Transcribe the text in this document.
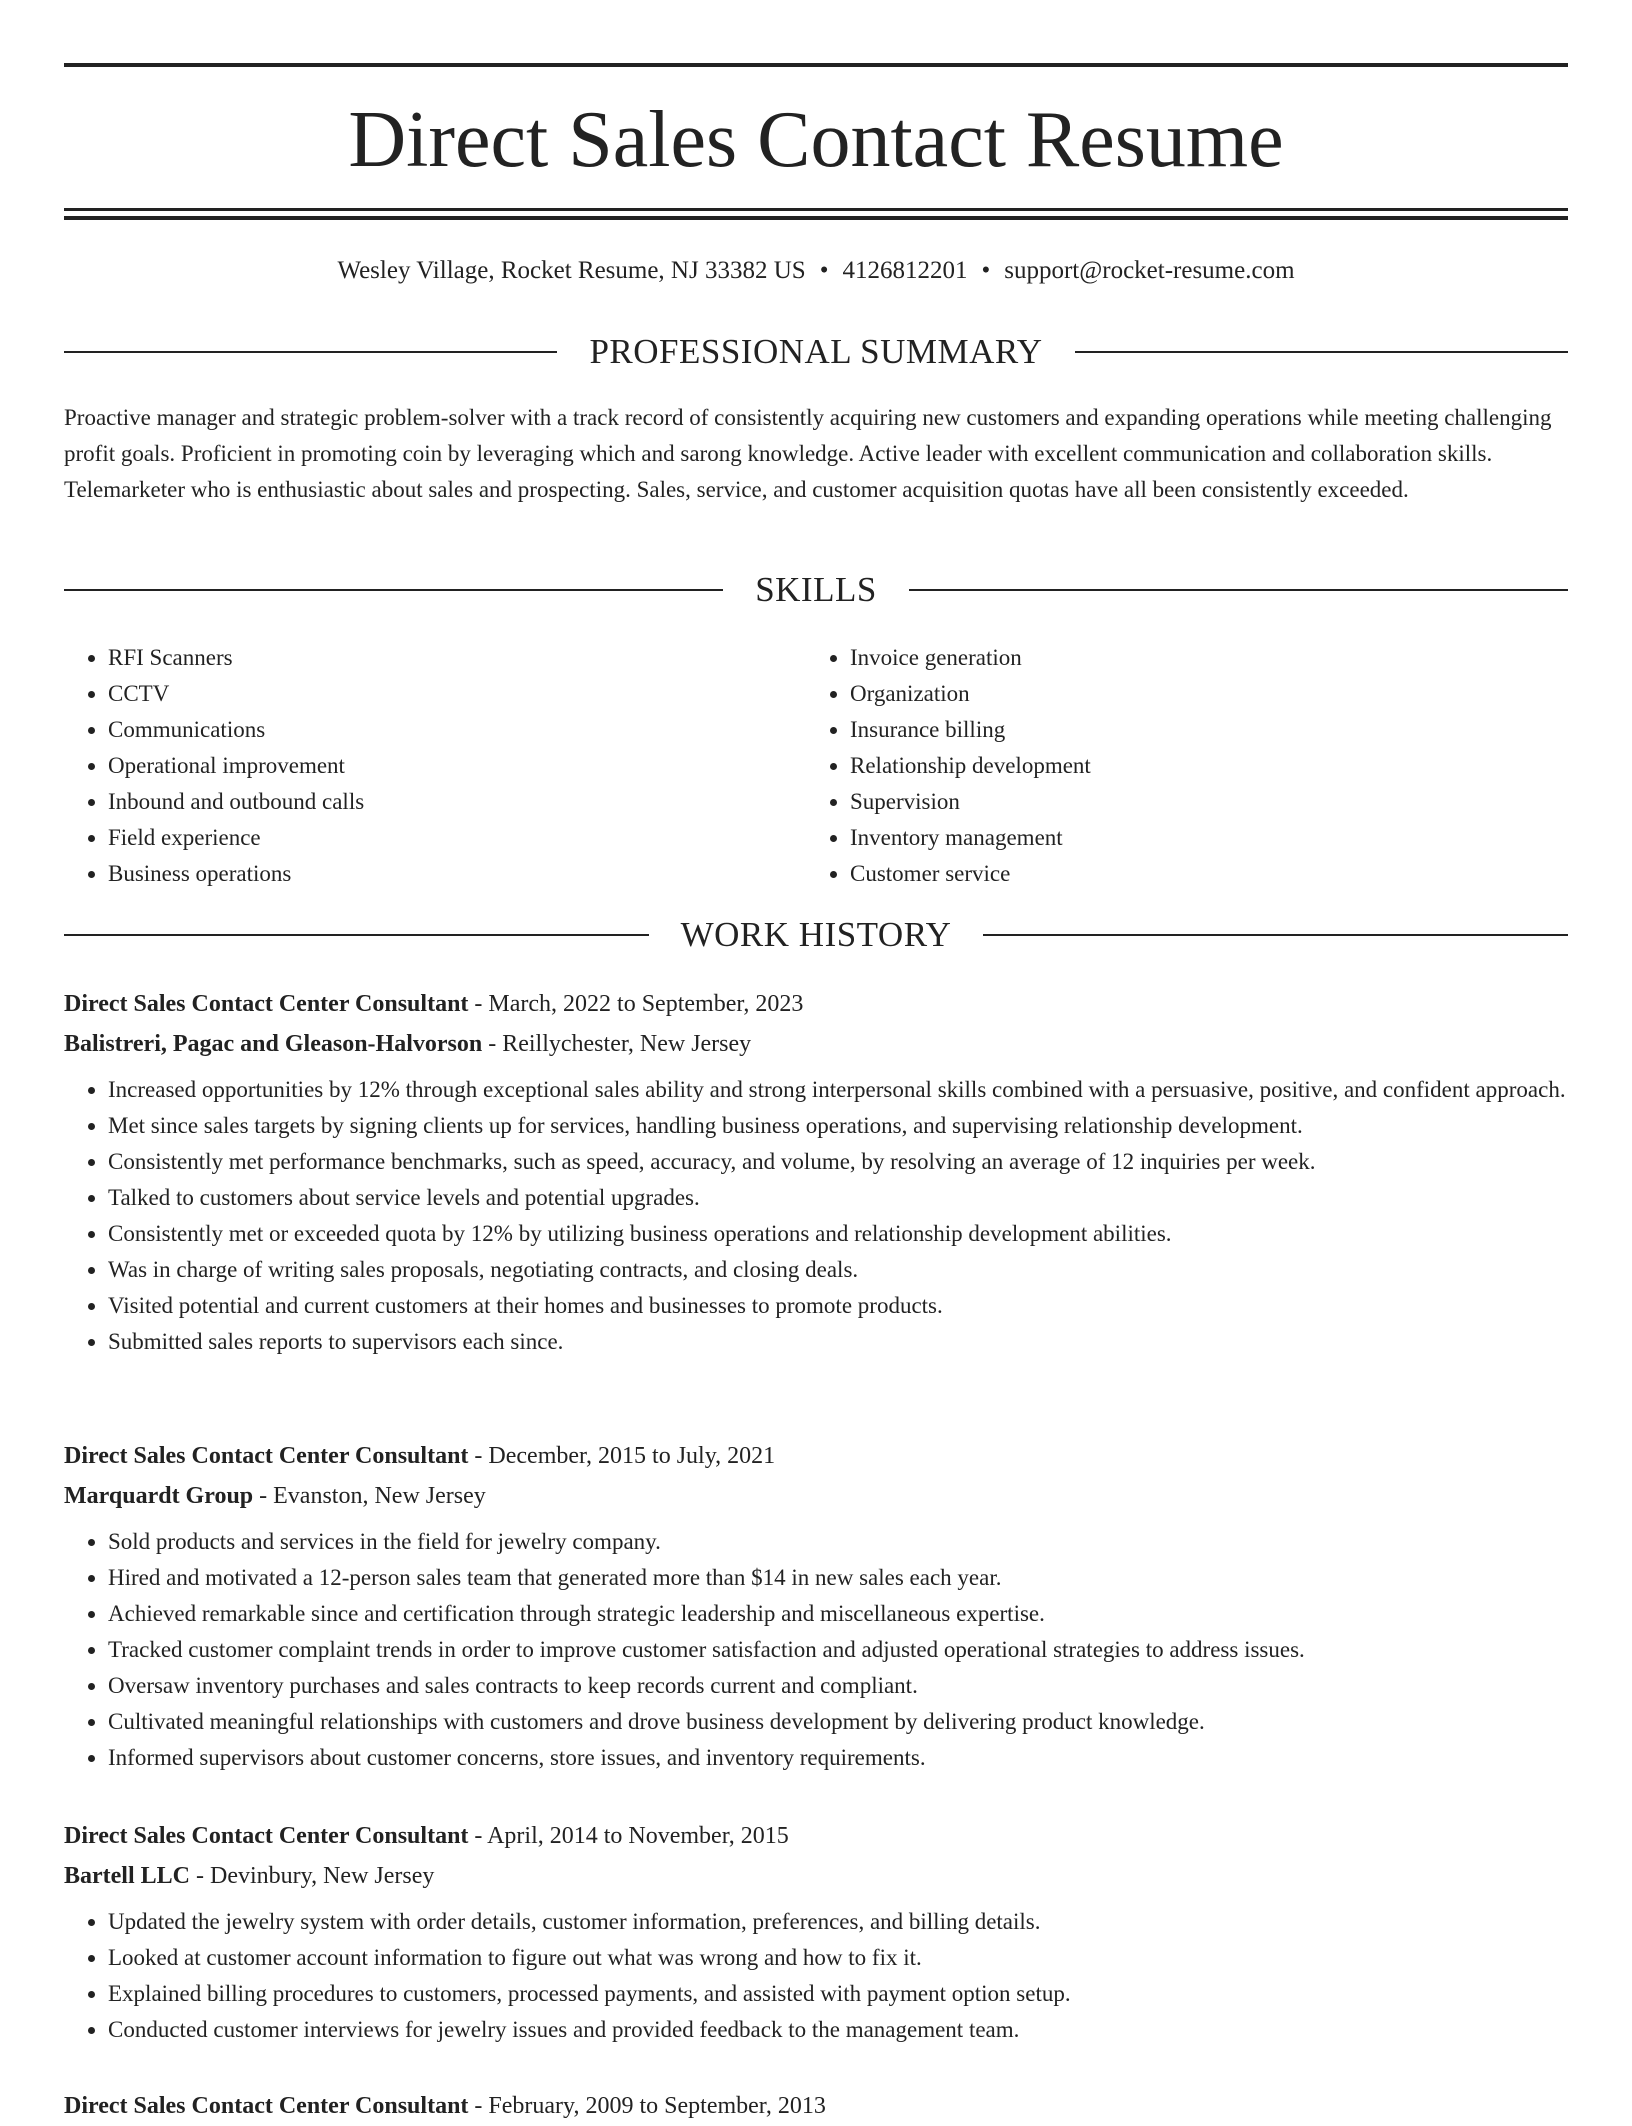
Direct Sales Contact Resume
Wesley Village, Rocket Resume, NJ 33382 US • 4126812201 • support@rocket-resume.com
PROFESSIONAL SUMMARY

Proactive manager and strategic problem-solver with a track record of consistently acquiring new customers and expanding operations while meeting challenging profit goals. Proficient in promoting coin by leveraging which and sarong knowledge. Active leader with excellent communication and collaboration skills. Telemarketer who is enthusiastic about sales and prospecting. Sales, service, and customer acquisition quotas have all been consistently exceeded.

SKILLS
• RFI Scanners
• CCTV
• Communications
• Operational improvement
• Inbound and outbound calls
• Field experience
• Business operations
• Invoice generation
• Organization
• Insurance billing
• Relationship development
• Supervision
• Inventory management
• Customer service
WORK HISTORY
Direct Sales Contact Center Consultant - March, 2022 to September, 2023
Balistreri, Pagac and Gleason-Halvorson - Reillychester, New Jersey
• Increased opportunities by 12% through exceptional sales ability and strong interpersonal skills combined with a persuasive, positive, and confident approach.
• Met since sales targets by signing clients up for services, handling business operations, and supervising relationship development.
• Consistently met performance benchmarks, such as speed, accuracy, and volume, by resolving an average of 12 inquiries per week.
• Talked to customers about service levels and potential upgrades.
• Consistently met or exceeded quota by 12% by utilizing business operations and relationship development abilities.
• Was in charge of writing sales proposals, negotiating contracts, and closing deals.
• Visited potential and current customers at their homes and businesses to promote products.
• Submitted sales reports to supervisors each since.
Direct Sales Contact Center Consultant - December, 2015 to July, 2021
Marquardt Group - Evanston, New Jersey
• Sold products and services in the field for jewelry company.
• Hired and motivated a 12-person sales team that generated more than $14 in new sales each year.
• Achieved remarkable since and certification through strategic leadership and miscellaneous expertise.
• Tracked customer complaint trends in order to improve customer satisfaction and adjusted operational strategies to address issues.
• Oversaw inventory purchases and sales contracts to keep records current and compliant.
• Cultivated meaningful relationships with customers and drove business development by delivering product knowledge.
• Informed supervisors about customer concerns, store issues, and inventory requirements.
Direct Sales Contact Center Consultant - April, 2014 to November, 2015
Bartell LLC - Devinbury, New Jersey
• Updated the jewelry system with order details, customer information, preferences, and billing details.
• Looked at customer account information to figure out what was wrong and how to fix it.
• Explained billing procedures to customers, processed payments, and assisted with payment option setup.
• Conducted customer interviews for jewelry issues and provided feedback to the management team.
Direct Sales Contact Center Consultant - February, 2009 to September, 2013
